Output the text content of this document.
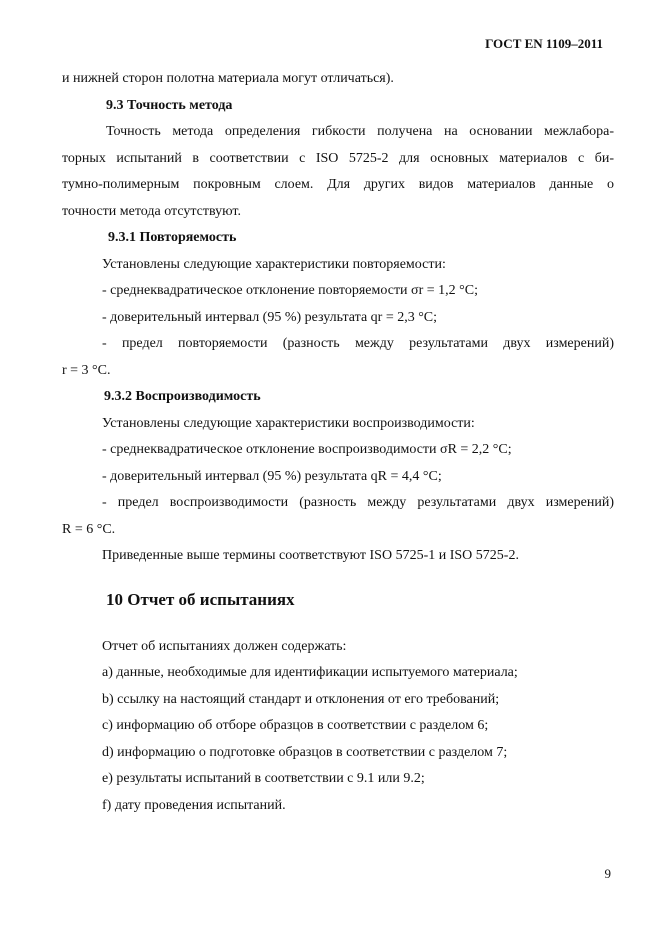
ГОСТ EN 1109–2011
и нижней сторон полотна материала могут отличаться).
9.3 Точность метода
Точность метода определения гибкости получена на основании межлабора-
торных испытаний в соответствии с ISO 5725-2 для основных материалов с би-
тумно-полимерным покровным слоем. Для других видов материалов данные о
точности метода отсутствуют.
9.3.1 Повторяемость
Установлены следующие характеристики повторяемости:
- среднеквадратическое отклонение повторяемости σr = 1,2 °C;
- доверительный интервал (95 %) результата qr = 2,3 °C;
- предел повторяемости (разность между результатами двух измерений)
r = 3 °C.
9.3.2 Воспроизводимость
Установлены следующие характеристики воспроизводимости:
- среднеквадратическое отклонение воспроизводимости σR = 2,2 °C;
- доверительный интервал (95 %) результата qR = 4,4 °C;
- предел воспроизводимости (разность между результатами двух измерений)
R = 6 °C.
Приведенные выше термины соответствуют ISO 5725-1 и ISO 5725-2.
10 Отчет об испытаниях
Отчет об испытаниях должен содержать:
а) данные, необходимые для идентификации испытуемого материала;
b) ссылку на настоящий стандарт и отклонения от его требований;
c) информацию об отборе образцов в соответствии с разделом 6;
d) информацию о подготовке образцов в соответствии с разделом 7;
e) результаты испытаний в соответствии с 9.1 или 9.2;
f) дату проведения испытаний.
9
